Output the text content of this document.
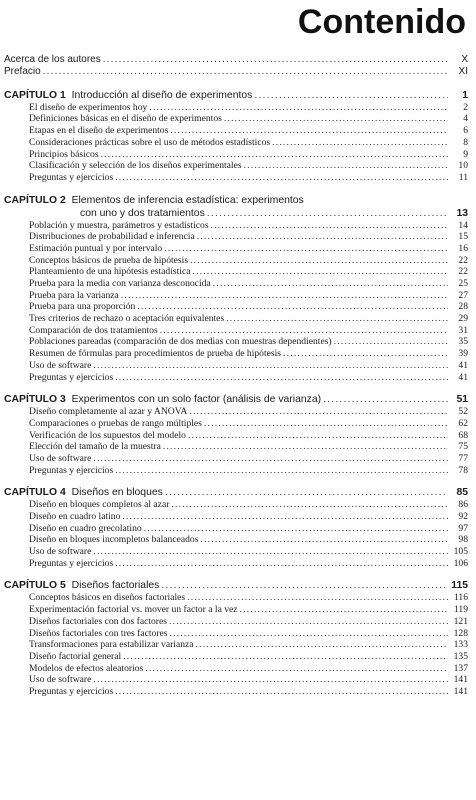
Contenido
Acerca de los autores .....	X
Prefacio .....	XI
CAPÍTULO 1 Introducción al diseño de experimentos .....	1
El diseño de experimentos hoy .....	2
Definiciones básicas en el diseño de experimentos .....	4
Etapas en el diseño de experimentos .....	6
Consideraciones prácticas sobre el uso de métodos estadísticos .....	8
Principios básicos .....	9
Clasificación y selección de los diseños experimentales .....	10
Preguntas y ejercicios .....	11
CAPÍTULO 2 Elementos de inferencia estadística: experimentos
con uno y dos tratamientos .....	13
Población y muestra, parámetros y estadísticos .....	14
Distribuciones de probabilidad e inferencia .....	15
Estimación puntual y por intervalo .....	16
Conceptos básicos de prueba de hipótesis .....	22
Planteamiento de una hipótesis estadística .....	22
Prueba para la media con varianza desconocida .....	25
Prueba para la varianza .....	27
Prueba para una proporción .....	28
Tres criterios de rechazo o aceptación equivalentes .....	29
Comparación de dos tratamientos .....	31
Poblaciones pareadas (comparación de dos medias con muestras dependientes) .....	35
Resumen de fórmulas para procedimientos de prueba de hipótesis .....	39
Uso de software .....	41
Preguntas y ejercicios .....	41
CAPÍTULO 3 Experimentos con un solo factor (análisis de varianza) .....	51
Diseño completamente al azar y ANOVA .....	52
Comparaciones o pruebas de rango múltiples .....	62
Verificación de los supuestos del modelo .....	68
Elección del tamaño de la muestra .....	75
Uso de software .....	77
Preguntas y ejercicios .....	78
CAPÍTULO 4 Diseños en bloques .....	85
Diseño en bloques completos al azar .....	86
Diseño en cuadro latino .....	92
Diseño en cuadro grecolatino .....	97
Diseño en bloques incompletos balanceados .....	98
Uso de software .....	105
Preguntas y ejercicios .....	106
CAPÍTULO 5 Diseños factoriales .....	115
Conceptos básicos en diseños factoriales .....	116
Experimentación factorial vs. mover un factor a la vez .....	119
Diseños factoriales con dos factores .....	121
Diseños factoriales con tres factores .....	128
Transformaciones para estabilizar varianza .....	133
Diseño factorial general .....	135
Modelos de efectos aleatorios .....	137
Uso de software .....	141
Preguntas y ejercicios .....	141
